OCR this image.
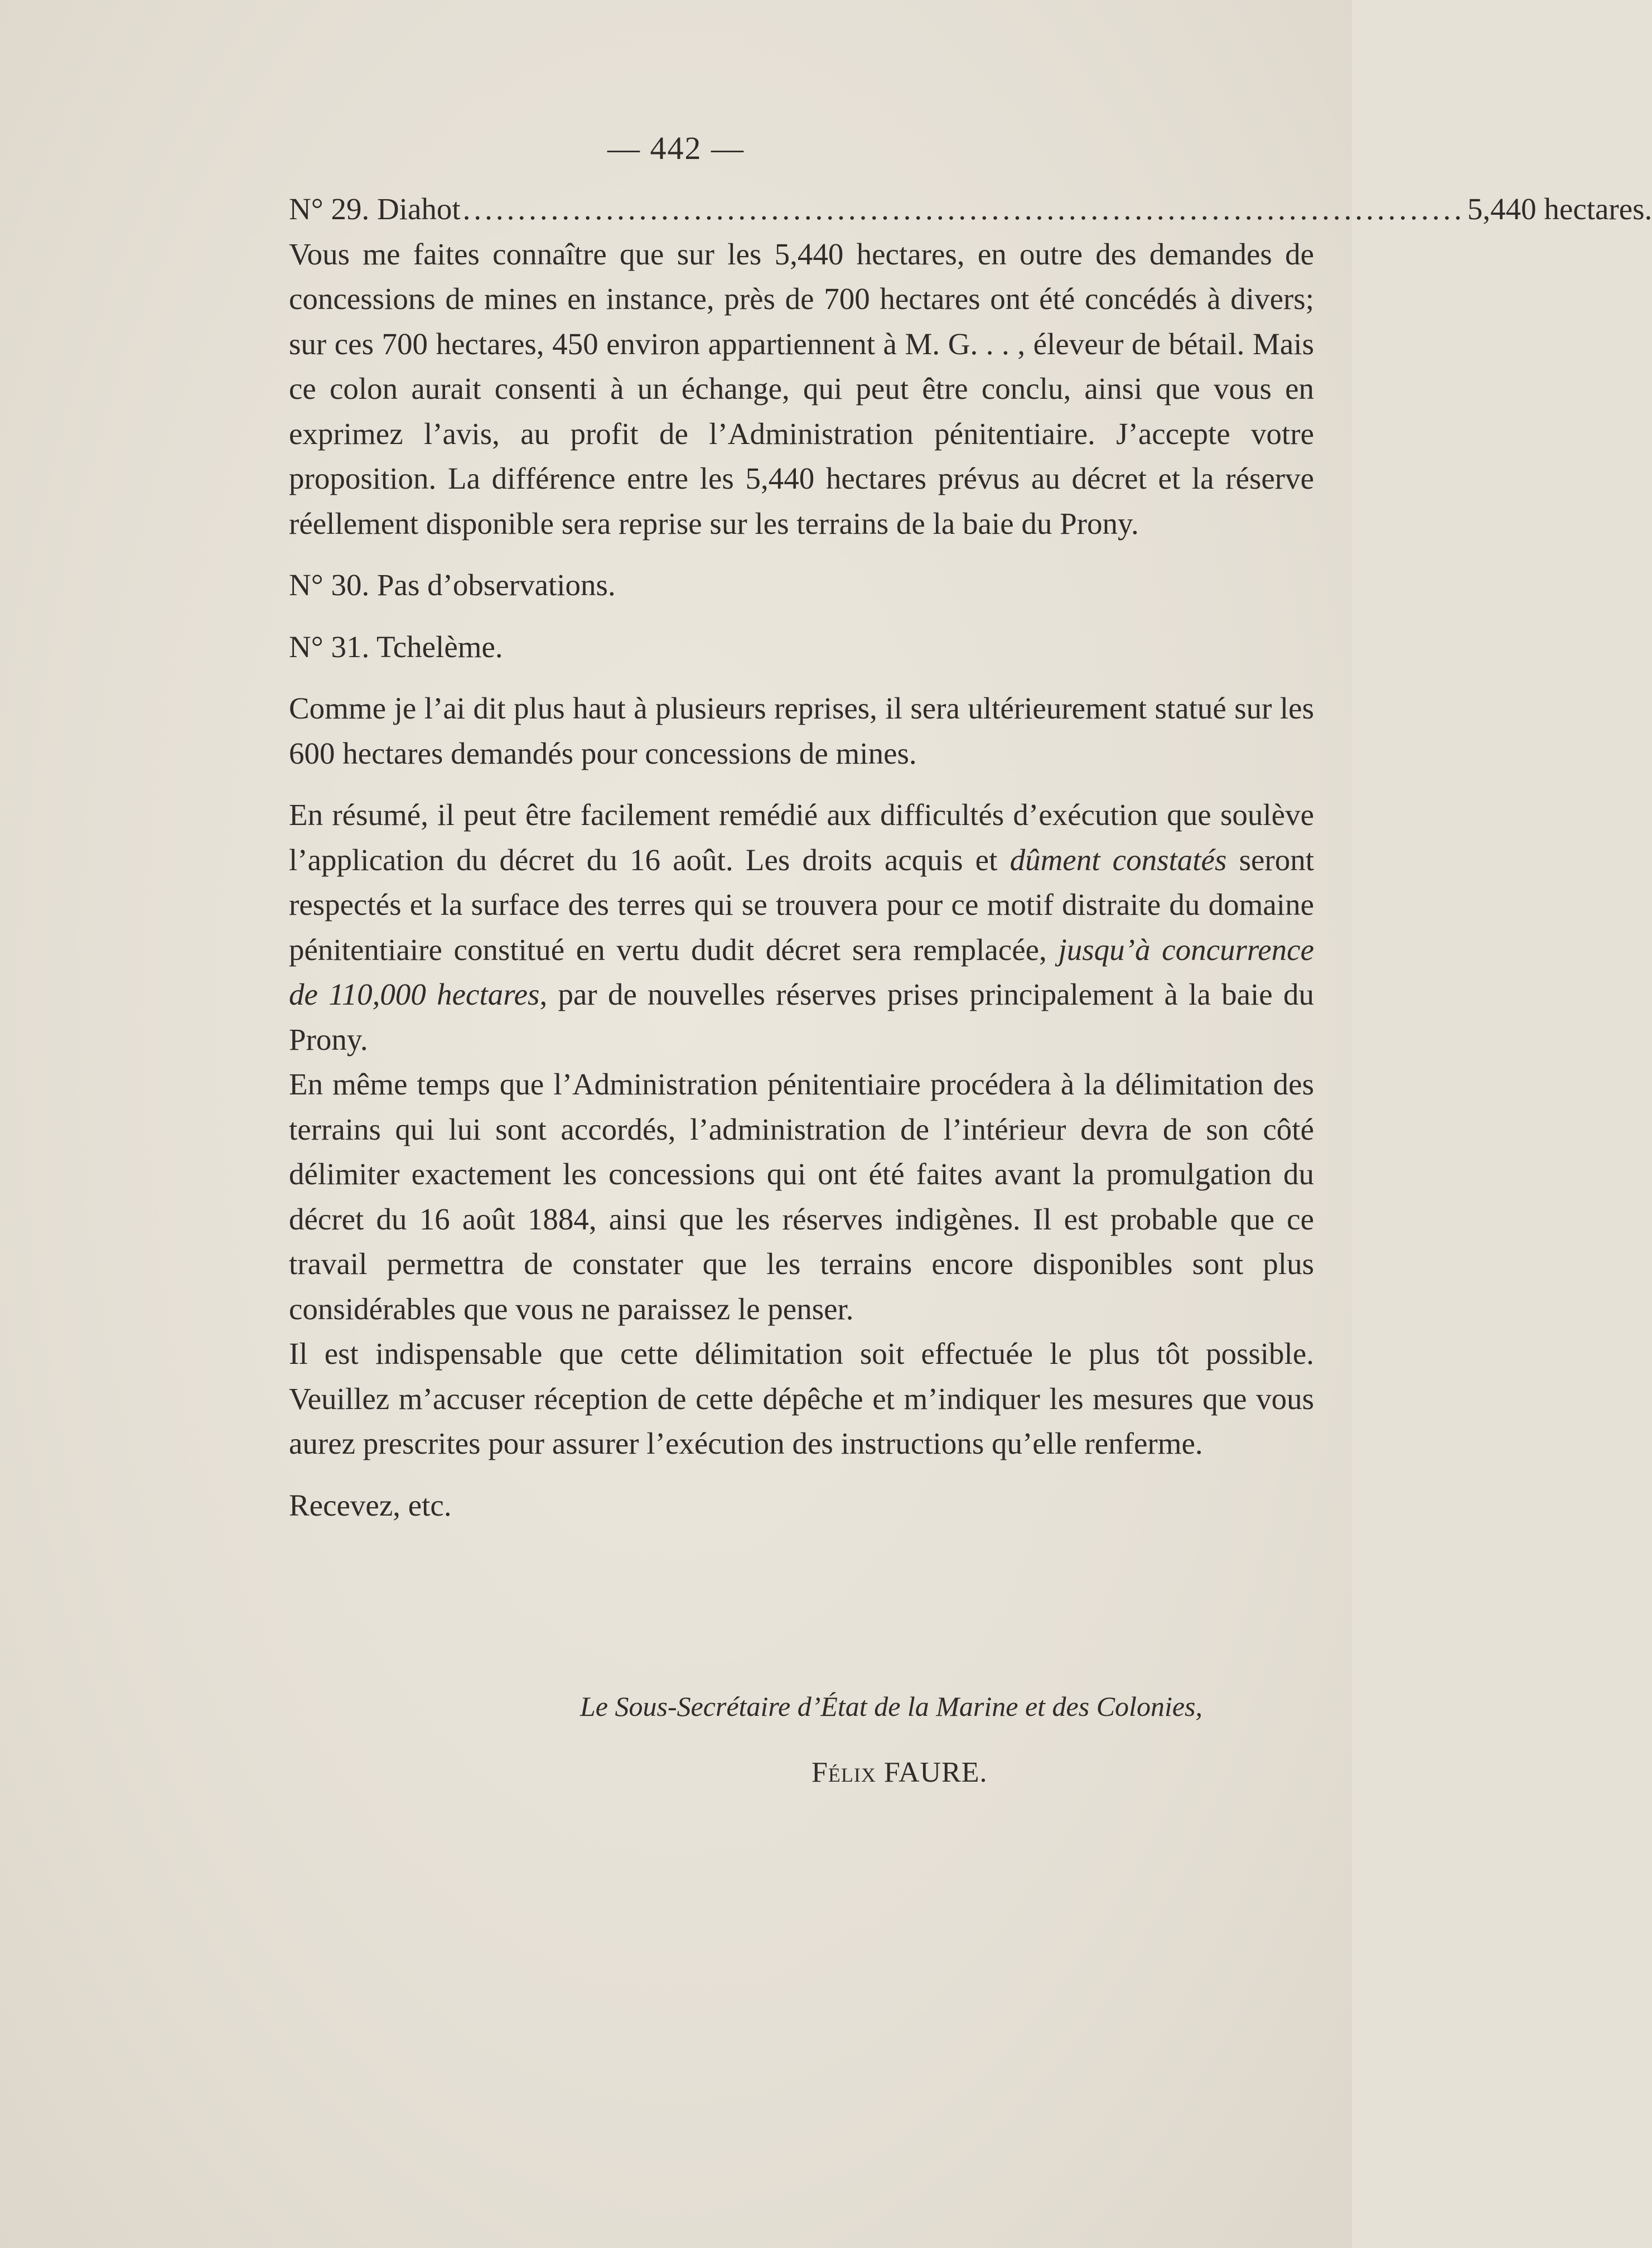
— 442 —
N° 29. Diahot ........................................................................................... 5,440 hectares.

Vous me faites connaître que sur les 5,440 hectares, en outre des demandes de concessions de mines en instance, près de 700 hectares ont été concédés à divers; sur ces 700 hectares, 450 environ appartiennent à M. G. . . , éleveur de bétail. Mais ce colon aurait consenti à un échange, qui peut être conclu, ainsi que vous en exprimez l’avis, au profit de l’Administration pénitentiaire. J’accepte votre proposition. La différence entre les 5,440 hectares prévus au décret et la réserve réellement disponible sera reprise sur les terrains de la baie du Prony.

N° 30. Pas d’observations.

N° 31. Tchelème.

Comme je l’ai dit plus haut à plusieurs reprises, il sera ultérieurement statué sur les 600 hectares demandés pour concessions de mines.

En résumé, il peut être facilement remédié aux difficultés d’exécution que soulève l’application du décret du 16 août. Les droits acquis et dûment constatés seront respectés et la surface des terres qui se trouvera pour ce motif distraite du domaine pénitentiaire constitué en vertu dudit décret sera remplacée, jusqu’à concurrence de 110,000 hectares, par de nouvelles réserves prises principalement à la baie du Prony.

En même temps que l’Administration pénitentiaire procédera à la délimitation des terrains qui lui sont accordés, l’administration de l’intérieur devra de son côté délimiter exactement les concessions qui ont été faites avant la promulgation du décret du 16 août 1884, ainsi que les réserves indigènes. Il est probable que ce travail permettra de constater que les terrains encore disponibles sont plus considérables que vous ne paraissez le penser.

Il est indispensable que cette délimitation soit effectuée le plus tôt possible. Veuillez m’accuser réception de cette dépêche et m’indiquer les mesures que vous aurez prescrites pour assurer l’exécution des instructions qu’elle renferme.

Recevez, etc.

Le Sous-Secrétaire d’État de la Marine et des Colonies,
Félix FAURE.
